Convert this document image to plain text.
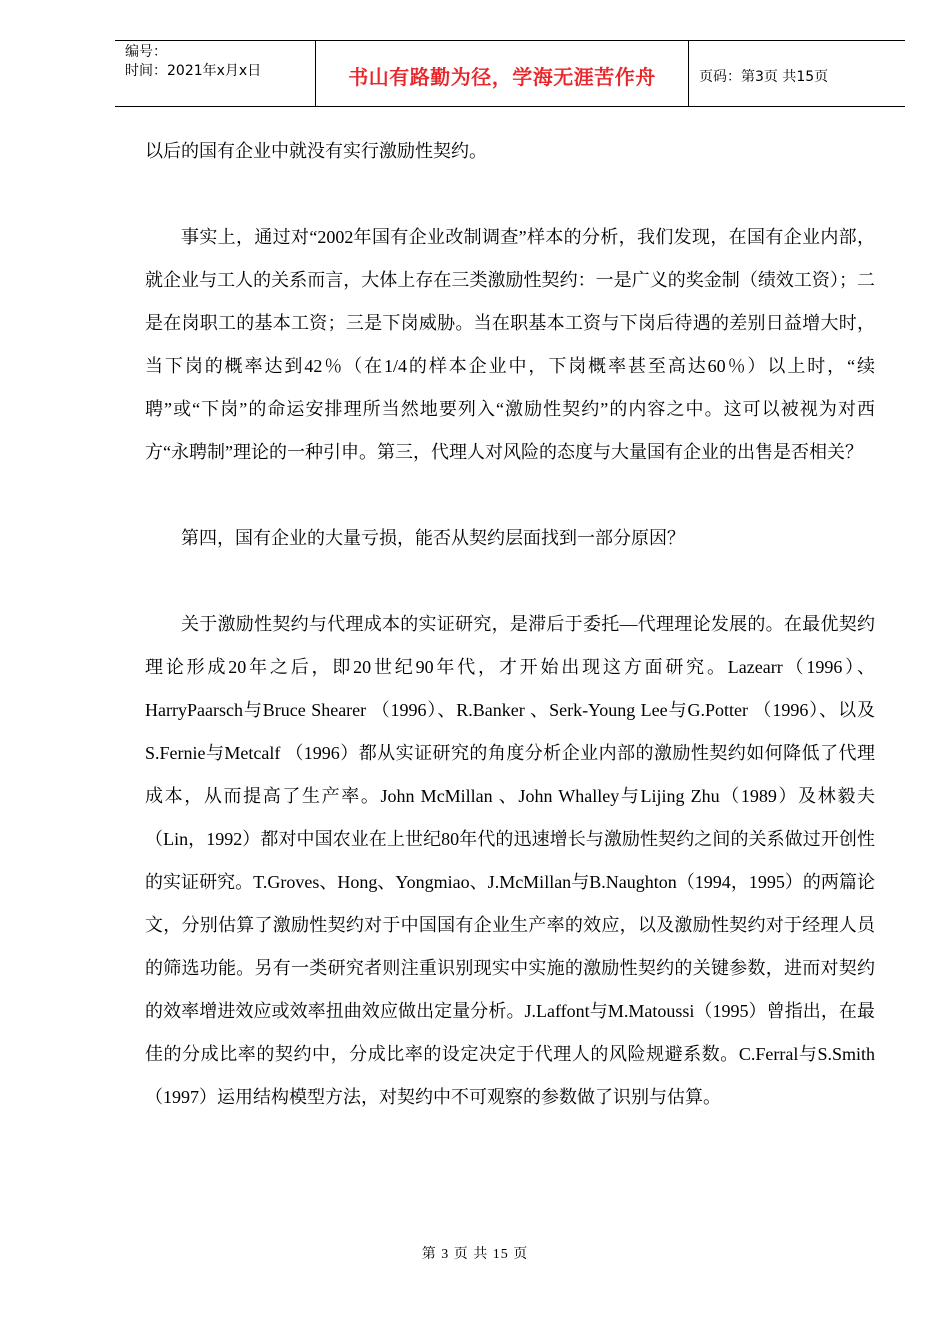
编号：
时间：2021年x月x日	书山有路勤为径，学海无涯苦作舟	页码：第3页 共15页

以后的国有企业中就没有实行激励性契约。

事实上，通过对“2002年国有企业改制调查”样本的分析，我们发现，在国有企业内部，就企业与工人的关系而言，大体上存在三类激励性契约：一是广义的奖金制（绩效工资）；二是在岗职工的基本工资；三是下岗威胁。当在职基本工资与下岗后待遇的差别日益增大时，当下岗的概率达到42％（在1/4的样本企业中，下岗概率甚至高达60％）以上时，“续聘”或“下岗”的命运安排理所当然地要列入“激励性契约”的内容之中。这可以被视为对西方“永聘制”理论的一种引申。第三，代理人对风险的态度与大量国有企业的出售是否相关？

第四，国有企业的大量亏损，能否从契约层面找到一部分原因？

关于激励性契约与代理成本的实证研究，是滞后于委托—代理理论发展的。在最优契约理论形成20年之后，即20世纪90年代，才开始出现这方面研究。Lazearr（1996）、HarryPaarsch与Bruce Shearer （1996）、R.Banker 、Serk-Young Lee与G.Potter （1996）、以及S.Fernie与Metcalf （1996）都从实证研究的角度分析企业内部的激励性契约如何降低了代理成本，从而提高了生产率。John McMillan 、John Whalley与Lijing Zhu（1989）及林毅夫（Lin，1992）都对中国农业在上世纪80年代的迅速增长与激励性契约之间的关系做过开创性的实证研究。T.Groves、Hong、Yongmiao、J.McMillan与B.Naughton（1994，1995）的两篇论文，分别估算了激励性契约对于中国国有企业生产率的效应，以及激励性契约对于经理人员的筛选功能。另有一类研究者则注重识别现实中实施的激励性契约的关键参数，进而对契约的效率增进效应或效率扭曲效应做出定量分析。J.Laffont与M.Matoussi（1995）曾指出，在最佳的分成比率的契约中，分成比率的设定决定于代理人的风险规避系数。C.Ferral与S.Smith（1997）运用结构模型方法，对契约中不可观察的参数做了识别与估算。

第 3 页 共 15 页
